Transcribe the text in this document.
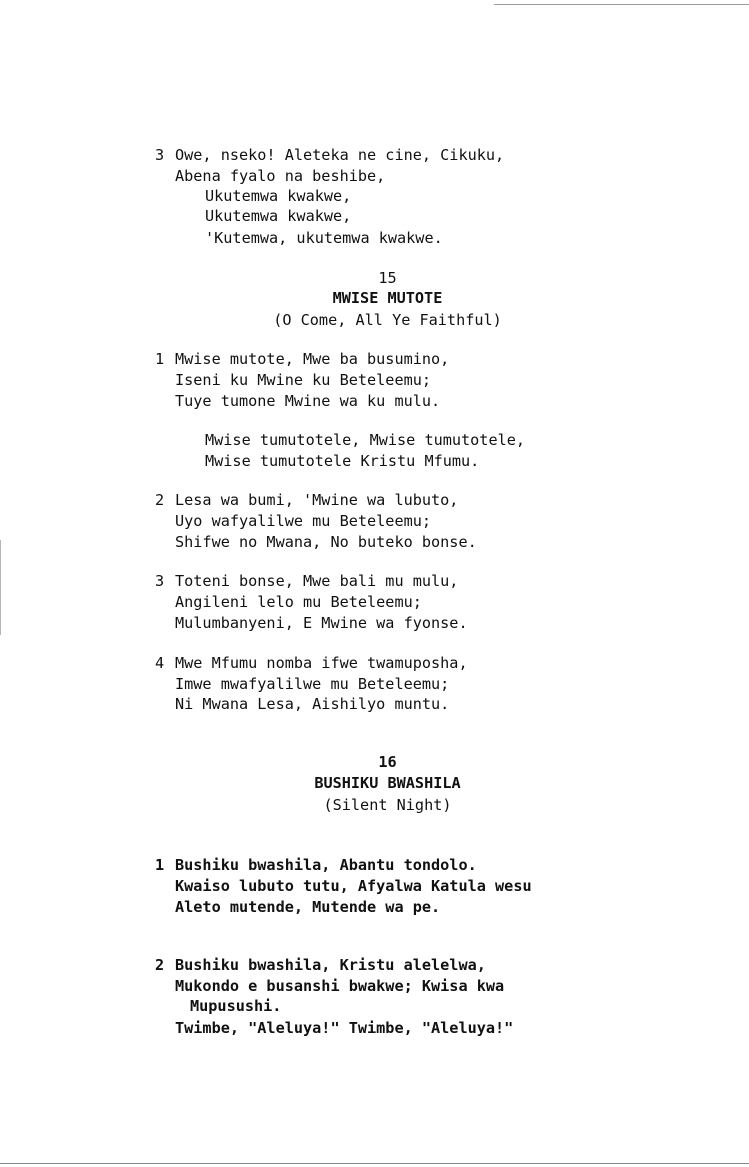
3 Owe, nseko! Aleteka ne cine, Cikuku,
Abena fyalo na beshibe,
Ukutemwa kwakwe,
Ukutemwa kwakwe,
'Kutemwa, ukutemwa kwakwe.
15
MWISE MUTOTE
(O Come, All Ye Faithful)
1 Mwise mutote, Mwe ba busumino,
Iseni ku Mwine ku Beteleemu;
Tuye tumone Mwine wa ku mulu.
Mwise tumutotele, Mwise tumutotele,
Mwise tumutotele Kristu Mfumu.
2 Lesa wa bumi, 'Mwine wa lubuto,
Uyo wafyalilwe mu Beteleemu;
Shifwe no Mwana, No buteko bonse.
3 Toteni bonse, Mwe bali mu mulu,
Angileni lelo mu Beteleemu;
Mulumbanyeni, E Mwine wa fyonse.
4 Mwe Mfumu nomba ifwe twamuposha,
Imwe mwafyalilwe mu Beteleemu;
Ni Mwana Lesa, Aishilyo muntu.
16
BUSHIKU BWASHILA
(Silent Night)
1 Bushiku bwashila, Abantu tondolo.
Kwaiso lubuto tutu, Afyalwa Katula wesu
Aleto mutende, Mutende wa pe.
2 Bushiku bwashila, Kristu alelelwa,
Mukondo e busanshi bwakwe; Kwisa kwa
Mupusushi.
Twimbe, "Aleluya!" Twimbe, "Aleluya!"
